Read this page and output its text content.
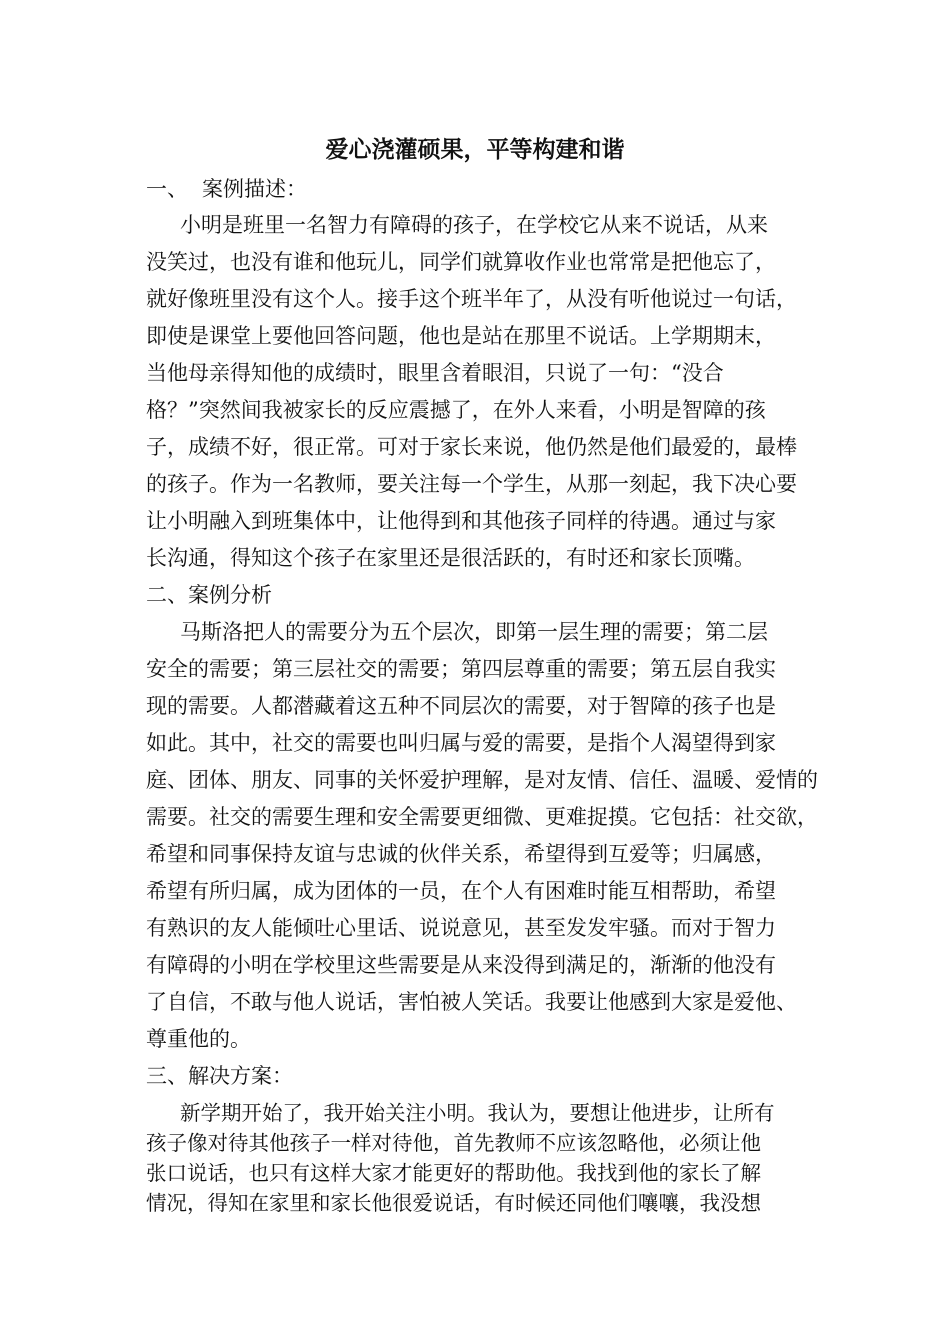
爱心浇灌硕果，平等构建和谐
一、 案例描述：
小明是班里一名智力有障碍的孩子，在学校它从来不说话，从来
没笑过，也没有谁和他玩儿，同学们就算收作业也常常是把他忘了，
就好像班里没有这个人。接手这个班半年了，从没有听他说过一句话，
即使是课堂上要他回答问题，他也是站在那里不说话。上学期期末，
当他母亲得知他的成绩时，眼里含着眼泪，只说了一句：“没合
格？”突然间我被家长的反应震撼了，在外人来看，小明是智障的孩
子，成绩不好，很正常。可对于家长来说，他仍然是他们最爱的，最棒
的孩子。作为一名教师，要关注每一个学生，从那一刻起，我下决心要
让小明融入到班集体中，让他得到和其他孩子同样的待遇。通过与家
长沟通，得知这个孩子在家里还是很活跃的，有时还和家长顶嘴。
二、案例分析
马斯洛把人的需要分为五个层次，即第一层生理的需要；第二层
安全的需要；第三层社交的需要；第四层尊重的需要；第五层自我实
现的需要。人都潜藏着这五种不同层次的需要，对于智障的孩子也是
如此。其中，社交的需要也叫归属与爱的需要，是指个人渴望得到家
庭、团体、朋友、同事的关怀爱护理解，是对友情、信任、温暖、爱情的
需要。社交的需要生理和安全需要更细微、更难捉摸。它包括：社交欲，
希望和同事保持友谊与忠诚的伙伴关系，希望得到互爱等；归属感，
希望有所归属，成为团体的一员，在个人有困难时能互相帮助，希望
有熟识的友人能倾吐心里话、说说意见，甚至发发牢骚。而对于智力
有障碍的小明在学校里这些需要是从来没得到满足的，渐渐的他没有
了自信，不敢与他人说话，害怕被人笑话。我要让他感到大家是爱他、
尊重他的。
三、解决方案：
新学期开始了，我开始关注小明。我认为，要想让他进步，让所有
孩子像对待其他孩子一样对待他，首先教师不应该忽略他，必须让他
张口说话，也只有这样大家才能更好的帮助他。我找到他的家长了解
情况，得知在家里和家长他很爱说话，有时候还同他们嚷嚷，我没想
